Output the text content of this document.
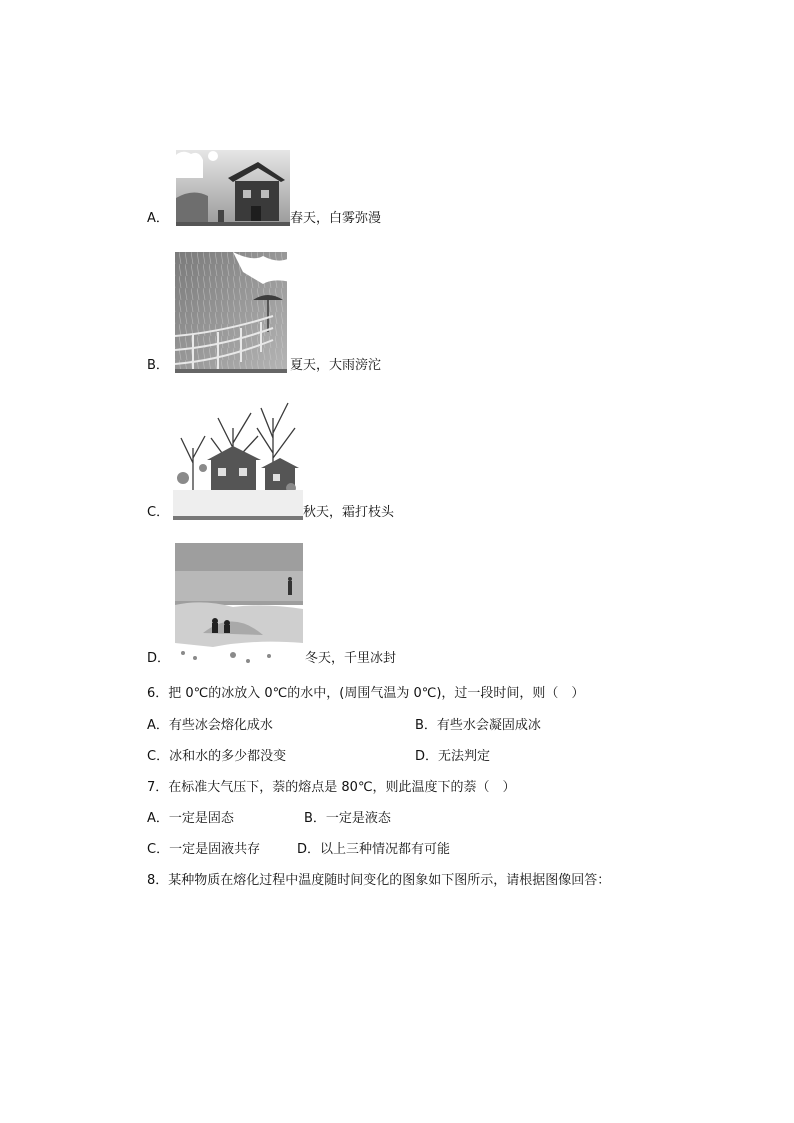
A．	春天，白雾弥漫
B．	夏天，大雨滂沱
C．	秋天，霜打枝头
D．	冬天，千里冰封
6．把 0℃的冰放入 0℃的水中，(周围气温为 0℃)，过一段时间，则（　）
A．有些冰会熔化成水	B．有些水会凝固成冰
C．冰和水的多少都没变	D．无法判定
7．在标准大气压下，萘的熔点是 80℃，则此温度下的萘（　）
A．一定是固态	B．一定是液态
C．一定是固液共存	D．以上三种情况都有可能
8．某种物质在熔化过程中温度随时间变化的图象如下图所示，请根据图像回答：
